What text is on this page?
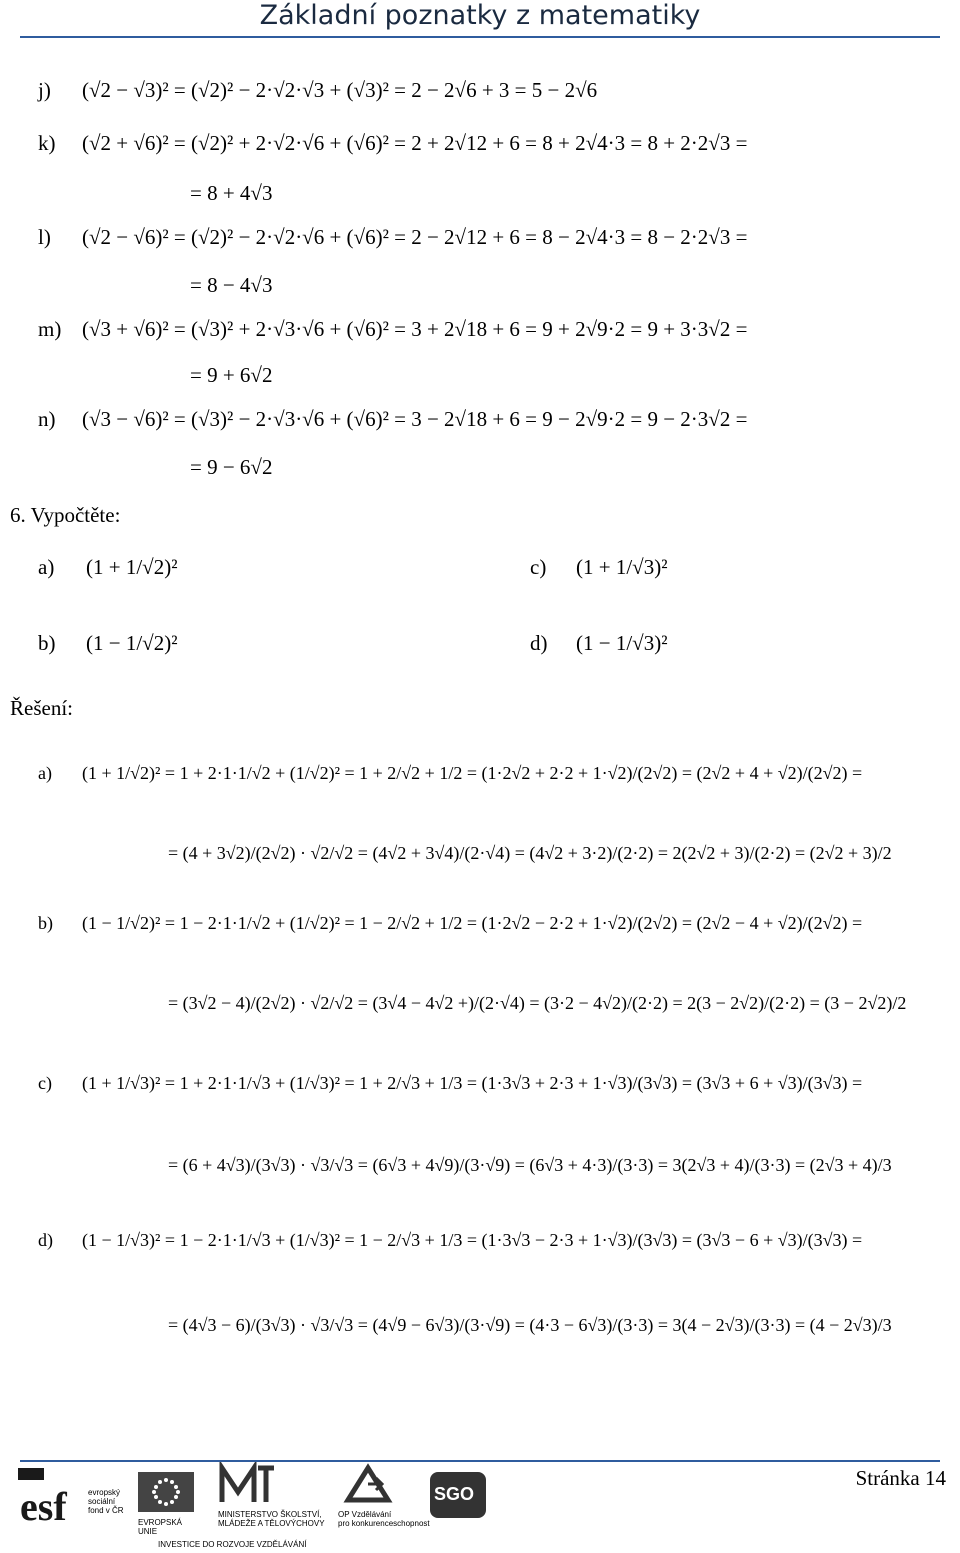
Základní poznatky z matematiky
j) (√2 − √3)² = (√2)² − 2·√2·√3 + (√3)² = 2 − 2√6 + 3 = 5 − 2√6
k) (√2 + √6)² = (√2)² + 2·√2·√6 + (√6)² = 2 + 2√12 + 6 = 8 + 2√4·3 = 8 + 2·2√3 =
= 8 + 4√3
l) (√2 − √6)² = (√2)² − 2·√2·√6 + (√6)² = 2 − 2√12 + 6 = 8 − 2√4·3 = 8 − 2·2√3 =
= 8 − 4√3
m) (√3 + √6)² = (√3)² + 2·√3·√6 + (√6)² = 3 + 2√18 + 6 = 9 + 2√9·2 = 9 + 3·3√2 =
= 9 + 6√2
n) (√3 − √6)² = (√3)² − 2·√3·√6 + (√6)² = 3 − 2√18 + 6 = 9 − 2√9·2 = 9 − 2·3√2 =
= 9 − 6√2
6. Vypočtěte:
a) (1 + 1/√2)²
b) (1 − 1/√2)²
c) (1 + 1/√3)²
d) (1 − 1/√3)²
Řešení:
a) (1 + 1/√2)² = 1 + 2·1·1/√2 + (1/√2)² = 1 + 2/√2 + 1/2 = (1·2√2 + 2·2 + 1·√2)/(2√2) = (2√2 + 4 + √2)/(2√2) =
= (4 + 3√2)/(2√2) · √2/√2 = (4√2 + 3√4)/(2·√4) = (4√2 + 3·2)/(2·2) = 2(2√2 + 3)/(2·2) = (2√2 + 3)/2
b) (1 − 1/√2)² = 1 − 2·1·1/√2 + (1/√2)² = 1 − 2/√2 + 1/2 = (1·2√2 − 2·2 + 1·√2)/(2√2) = (2√2 − 4 + √2)/(2√2) =
= (3√2 − 4)/(2√2) · √2/√2 = (3√4 − 4√2 +)/(2·√4) = (3·2 − 4√2)/(2·2) = 2(3 − 2√2)/(2·2) = (3 − 2√2)/2
c) (1 + 1/√3)² = 1 + 2·1·1/√3 + (1/√3)² = 1 + 2/√3 + 1/3 = (1·3√3 + 2·3 + 1·√3)/(3√3) = (3√3 + 6 + √3)/(3√3) =
= (6 + 4√3)/(3√3) · √3/√3 = (6√3 + 4√9)/(3·√9) = (6√3 + 4·3)/(3·3) = 3(2√3 + 4)/(3·3) = (2√3 + 4)/3
d) (1 − 1/√3)² = 1 − 2·1·1/√3 + (1/√3)² = 1 − 2/√3 + 1/3 = (1·3√3 − 2·3 + 1·√3)/(3√3) = (3√3 − 6 + √3)/(3√3) =
= (4√3 − 6)/(3√3) · √3/√3 = (4√9 − 6√3)/(3·√9) = (4·3 − 6√3)/(3·3) = 3(4 − 2√3)/(3·3) = (4 − 2√3)/3
Stránka 14
esf	evropský
sociální
fond v ČR
EVROPSKÁ UNIE
MINISTERSTVO ŠKOLSTVÍ,
MLÁDEŽE A TĚLOVÝCHOVY
OP Vzdělávání
pro konkurenceschopnost
INVESTICE DO ROZVOJE VZDĚLÁVÁNÍ
SGO
